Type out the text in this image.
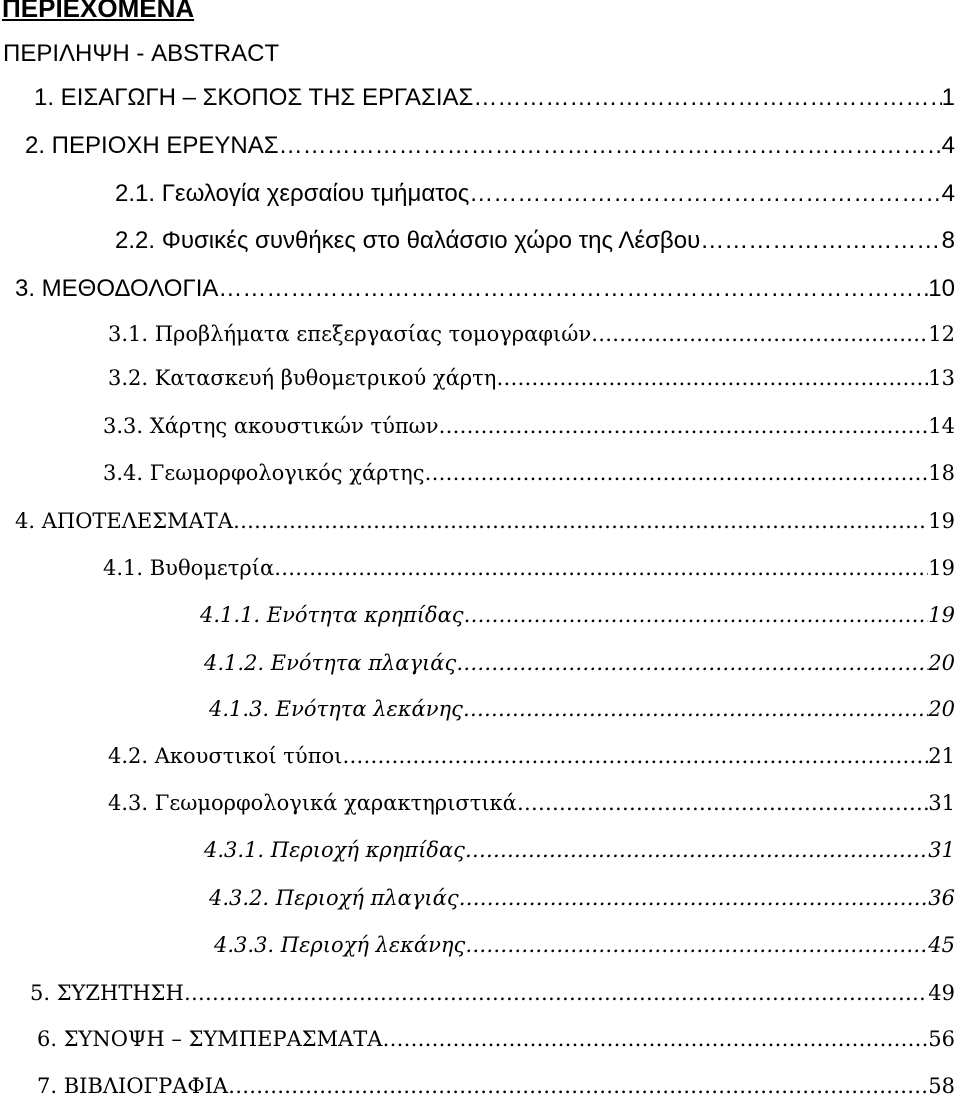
ΠΕΡΙΕΧΟΜΕΝΑ
ΠΕΡΙΛΗΨΗ - ABSTRACT
1. ΕΙΣΑΓΩΓΗ – ΣΚΟΠΟΣ ΤΗΣ ΕΡΓΑΣΙΑΣ …………………………………………………………………………………………………………………………………………………………………………………………………………	1
2. ΠΕΡΙΟΧΗ ΕΡΕΥΝΑΣ …………………………………………………………………………………………………………………………………………………………………………………………………………	4
2.1. Γεωλογία χερσαίου τμήματος …………………………………………………………………………………………………………………………………………………………………………………………………………	4
2.2. Φυσικές συνθήκες στο θαλάσσιο χώρο της Λέσβου …………………………………………………………………………………………………………………………………………………………………………………………………………	8
3. ΜΕΘΟΔΟΛΟΓΙΑ …………………………………………………………………………………………………………………………………………………………………………………………………………	10
3.1. Προβλήματα επεξεργασίας τομογραφιών …………………………………………………………………………………………………………………………………………………………………………………………………………	12
3.2. Κατασκευή βυθομετρικού χάρτη …………………………………………………………………………………………………………………………………………………………………………………………………………	13
3.3. Χάρτης ακουστικών τύπων …………………………………………………………………………………………………………………………………………………………………………………………………………	14
3.4. Γεωμορφολογικός χάρτης …………………………………………………………………………………………………………………………………………………………………………………………………………	18
4. ΑΠΟΤΕΛΕΣΜΑΤΑ …………………………………………………………………………………………………………………………………………………………………………………………………………	19
4.1. Βυθομετρία …………………………………………………………………………………………………………………………………………………………………………………………………………	19
4.1.1. Ενότητα κρηπίδας …………………………………………………………………………………………………………………………………………………………………………………………………………	19
4.1.2. Ενότητα πλαγιάς …………………………………………………………………………………………………………………………………………………………………………………………………………	20
4.1.3. Ενότητα λεκάνης …………………………………………………………………………………………………………………………………………………………………………………………………………	20
4.2. Ακουστικοί τύποι …………………………………………………………………………………………………………………………………………………………………………………………………………	21
4.3. Γεωμορφολογικά χαρακτηριστικά …………………………………………………………………………………………………………………………………………………………………………………………………………	31
4.3.1. Περιοχή κρηπίδας …………………………………………………………………………………………………………………………………………………………………………………………………………	31
4.3.2. Περιοχή πλαγιάς …………………………………………………………………………………………………………………………………………………………………………………………………………	36
4.3.3. Περιοχή λεκάνης …………………………………………………………………………………………………………………………………………………………………………………………………………	45
5. ΣΥΖΗΤΗΣΗ …………………………………………………………………………………………………………………………………………………………………………………………………………	49
6. ΣΥΝΟΨΗ – ΣΥΜΠΕΡΑΣΜΑΤΑ …………………………………………………………………………………………………………………………………………………………………………………………………………	56
7. ΒΙΒΛΙΟΓΡΑΦΙΑ …………………………………………………………………………………………………………………………………………………………………………………………………………	58
